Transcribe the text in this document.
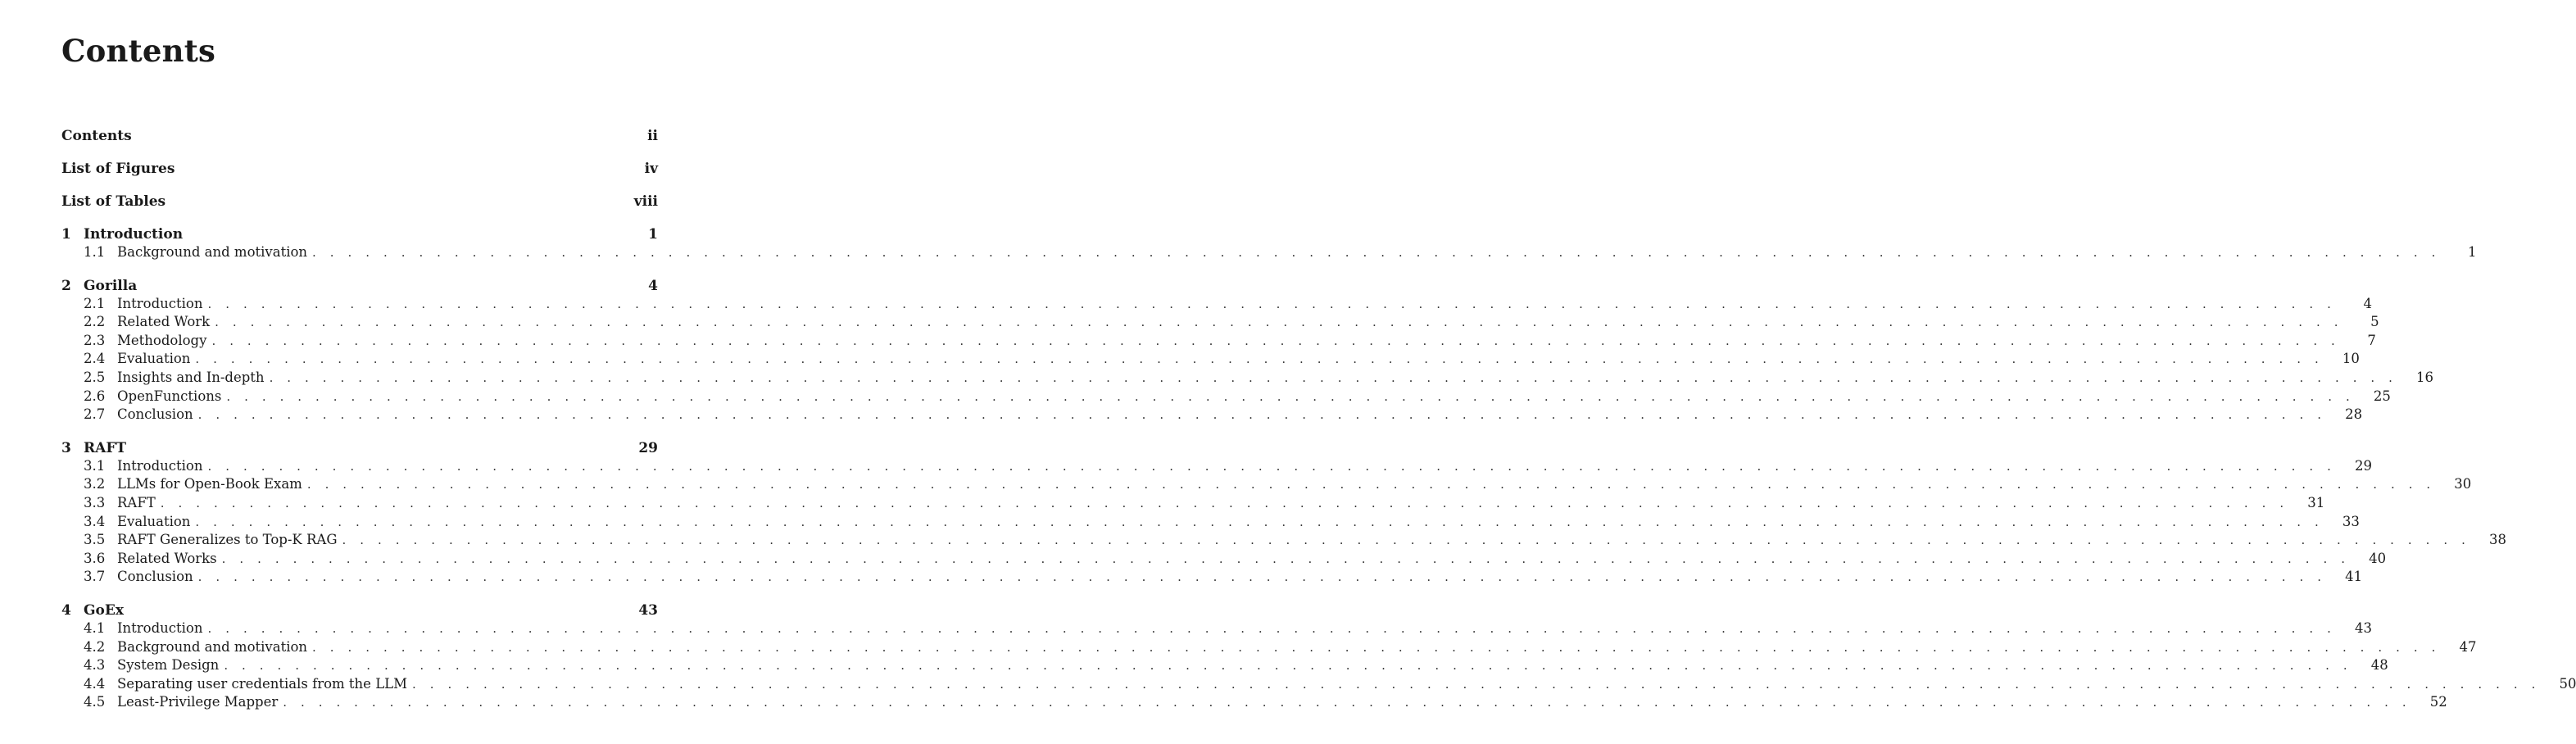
Contents
Contents	ii
List of Figures	iv
List of Tables	viii
1 Introduction	1
1.1 Background and motivation . . . . . . . . . . . . . . . . . . . . . . . . . . . . . . . . . . . . . . . . . . . . . . . . . . . . . . . . . . . . . . . . . . . . . . . . . . . . . . . . . . . . . . . . . . . . . . . . . . . . . . . . . . . . . . . . . . . . . . . .	1
2 Gorilla	4
2.1 Introduction . . . . . . . . . . . . . . . . . . . . . . . . . . . . . . . . . . . . . . . . . . . . . . . . . . . . . . . . . . . . . . . . . . . . . . . . . . . . . . . . . . . . . . . . . . . . . . . . . . . . . . . . . . . . . . . . . . . . . . . .	4
2.2 Related Work . . . . . . . . . . . . . . . . . . . . . . . . . . . . . . . . . . . . . . . . . . . . . . . . . . . . . . . . . . . . . . . . . . . . . . . . . . . . . . . . . . . . . . . . . . . . . . . . . . . . . . . . . . . . . . . . . . . . . . . .	5
2.3 Methodology . . . . . . . . . . . . . . . . . . . . . . . . . . . . . . . . . . . . . . . . . . . . . . . . . . . . . . . . . . . . . . . . . . . . . . . . . . . . . . . . . . . . . . . . . . . . . . . . . . . . . . . . . . . . . . . . . . . . . . . .	7
2.4 Evaluation . . . . . . . . . . . . . . . . . . . . . . . . . . . . . . . . . . . . . . . . . . . . . . . . . . . . . . . . . . . . . . . . . . . . . . . . . . . . . . . . . . . . . . . . . . . . . . . . . . . . . . . . . . . . . . . . . . . . . . . .	10
2.5 Insights and In-depth . . . . . . . . . . . . . . . . . . . . . . . . . . . . . . . . . . . . . . . . . . . . . . . . . . . . . . . . . . . . . . . . . . . . . . . . . . . . . . . . . . . . . . . . . . . . . . . . . . . . . . . . . . . . . . . . . . . . . . . .	16
2.6 OpenFunctions . . . . . . . . . . . . . . . . . . . . . . . . . . . . . . . . . . . . . . . . . . . . . . . . . . . . . . . . . . . . . . . . . . . . . . . . . . . . . . . . . . . . . . . . . . . . . . . . . . . . . . . . . . . . . . . . . . . . . . . .	25
2.7 Conclusion . . . . . . . . . . . . . . . . . . . . . . . . . . . . . . . . . . . . . . . . . . . . . . . . . . . . . . . . . . . . . . . . . . . . . . . . . . . . . . . . . . . . . . . . . . . . . . . . . . . . . . . . . . . . . . . . . . . . . . . .	28
3 RAFT	29
3.1 Introduction . . . . . . . . . . . . . . . . . . . . . . . . . . . . . . . . . . . . . . . . . . . . . . . . . . . . . . . . . . . . . . . . . . . . . . . . . . . . . . . . . . . . . . . . . . . . . . . . . . . . . . . . . . . . . . . . . . . . . . . .	29
3.2 LLMs for Open-Book Exam . . . . . . . . . . . . . . . . . . . . . . . . . . . . . . . . . . . . . . . . . . . . . . . . . . . . . . . . . . . . . . . . . . . . . . . . . . . . . . . . . . . . . . . . . . . . . . . . . . . . . . . . . . . . . . . . . . . . . . . .	30
3.3 RAFT . . . . . . . . . . . . . . . . . . . . . . . . . . . . . . . . . . . . . . . . . . . . . . . . . . . . . . . . . . . . . . . . . . . . . . . . . . . . . . . . . . . . . . . . . . . . . . . . . . . . . . . . . . . . . . . . . . . . . . . .	31
3.4 Evaluation . . . . . . . . . . . . . . . . . . . . . . . . . . . . . . . . . . . . . . . . . . . . . . . . . . . . . . . . . . . . . . . . . . . . . . . . . . . . . . . . . . . . . . . . . . . . . . . . . . . . . . . . . . . . . . . . . . . . . . . .	33
3.5 RAFT Generalizes to Top-K RAG . . . . . . . . . . . . . . . . . . . . . . . . . . . . . . . . . . . . . . . . . . . . . . . . . . . . . . . . . . . . . . . . . . . . . . . . . . . . . . . . . . . . . . . . . . . . . . . . . . . . . . . . . . . . . . . . . . . . . . . .	38
3.6 Related Works . . . . . . . . . . . . . . . . . . . . . . . . . . . . . . . . . . . . . . . . . . . . . . . . . . . . . . . . . . . . . . . . . . . . . . . . . . . . . . . . . . . . . . . . . . . . . . . . . . . . . . . . . . . . . . . . . . . . . . . .	40
3.7 Conclusion . . . . . . . . . . . . . . . . . . . . . . . . . . . . . . . . . . . . . . . . . . . . . . . . . . . . . . . . . . . . . . . . . . . . . . . . . . . . . . . . . . . . . . . . . . . . . . . . . . . . . . . . . . . . . . . . . . . . . . . .	41
4 GoEx	43
4.1 Introduction . . . . . . . . . . . . . . . . . . . . . . . . . . . . . . . . . . . . . . . . . . . . . . . . . . . . . . . . . . . . . . . . . . . . . . . . . . . . . . . . . . . . . . . . . . . . . . . . . . . . . . . . . . . . . . . . . . . . . . . .	43
4.2 Background and motivation . . . . . . . . . . . . . . . . . . . . . . . . . . . . . . . . . . . . . . . . . . . . . . . . . . . . . . . . . . . . . . . . . . . . . . . . . . . . . . . . . . . . . . . . . . . . . . . . . . . . . . . . . . . . . . . . . . . . . . . .	47
4.3 System Design . . . . . . . . . . . . . . . . . . . . . . . . . . . . . . . . . . . . . . . . . . . . . . . . . . . . . . . . . . . . . . . . . . . . . . . . . . . . . . . . . . . . . . . . . . . . . . . . . . . . . . . . . . . . . . . . . . . . . . . .	48
4.4 Separating user credentials from the LLM . . . . . . . . . . . . . . . . . . . . . . . . . . . . . . . . . . . . . . . . . . . . . . . . . . . . . . . . . . . . . . . . . . . . . . . . . . . . . . . . . . . . . . . . . . . . . . . . . . . . . . . . . . . . . . . . . . . . . . . .	50
4.5 Least-Privilege Mapper . . . . . . . . . . . . . . . . . . . . . . . . . . . . . . . . . . . . . . . . . . . . . . . . . . . . . . . . . . . . . . . . . . . . . . . . . . . . . . . . . . . . . . . . . . . . . . . . . . . . . . . . . . . . . . . . . . . . . . . .	52
